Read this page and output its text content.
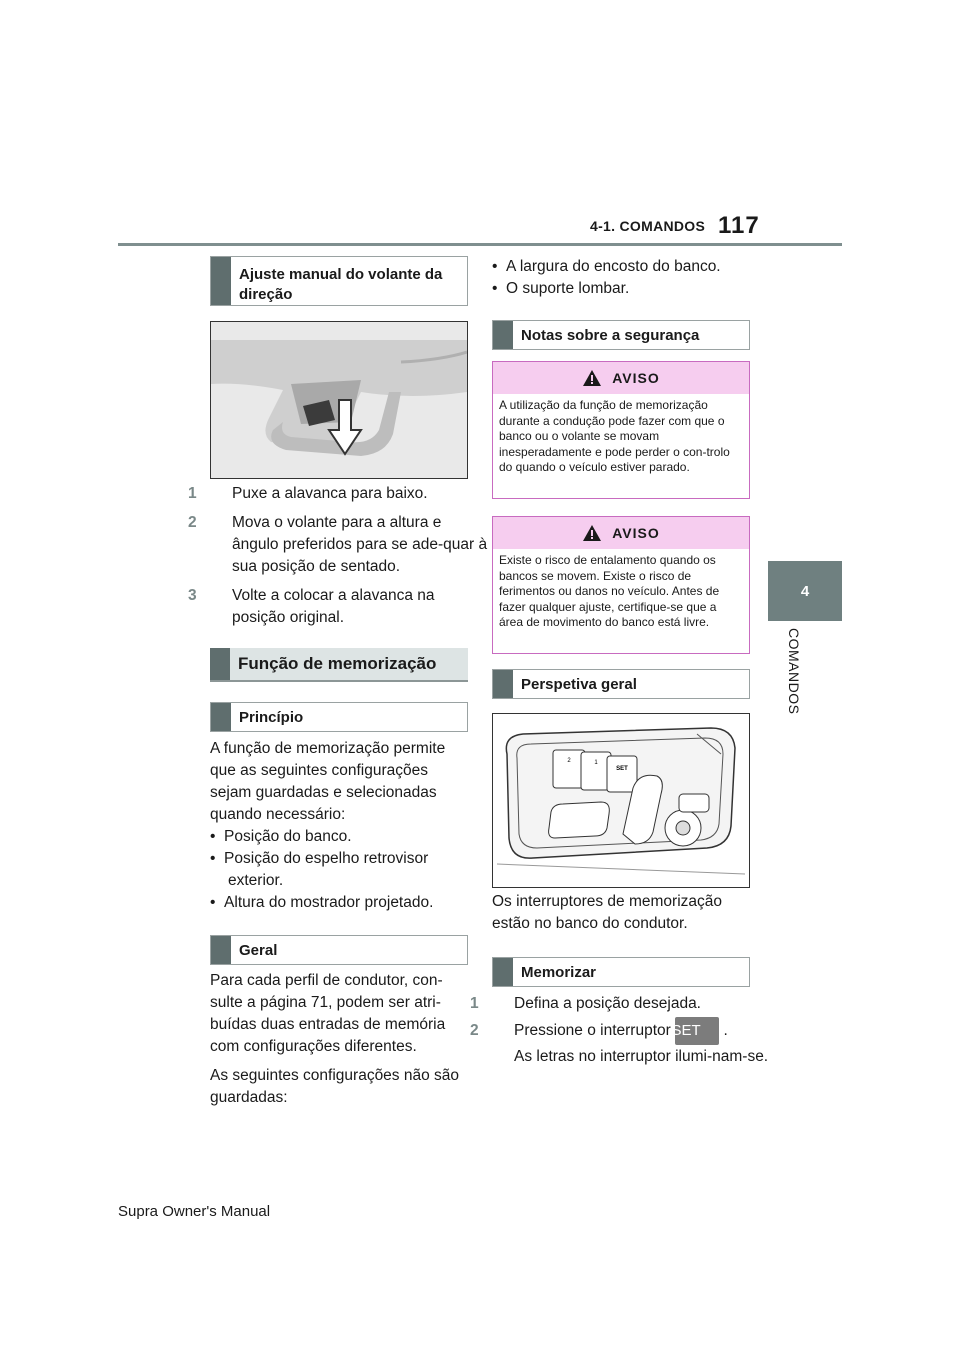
4-1. COMANDOS 117
4
COMANDOS
Ajuste manual do volante da direção
1 Puxe a alavanca para baixo.
2 Mova o volante para a altura e ângulo preferidos para se ade-quar à sua posição de sentado.
3 Volte a colocar a alavanca na posição original.
Função de memorização
Princípio
A função de memorização permite que as seguintes configurações sejam guardadas e selecionadas quando necessário:
•  Posição do banco.
•  Posição do espelho retrovisor exterior.
•  Altura do mostrador projetado.
Geral
Para cada perfil de condutor, con-sulte a página 71, podem ser atri-buídas duas entradas de memória com configurações diferentes.
As seguintes configurações não são guardadas:
•  A largura do encosto do banco.
•  O suporte lombar.
Notas sobre a segurança
AVISO
A utilização da função de memorização durante a condução pode fazer com que o banco ou o volante se movam inesperadamente e pode perder o con-trolo do quando o veículo estiver parado.
AVISO
Existe o risco de entalamento quando os bancos se movem. Existe o risco de ferimentos ou danos no veículo. Antes de fazer qualquer ajuste, certifique-se que a área de movimento do banco está livre.
Perspetiva geral
2	1
SET
Os interruptores de memorização estão no banco do condutor.
Memorizar
1 Defina a posição desejada.
2 Pressione o interruptor SET .
As letras no interruptor ilumi-nam-se.
Supra Owner's Manual
